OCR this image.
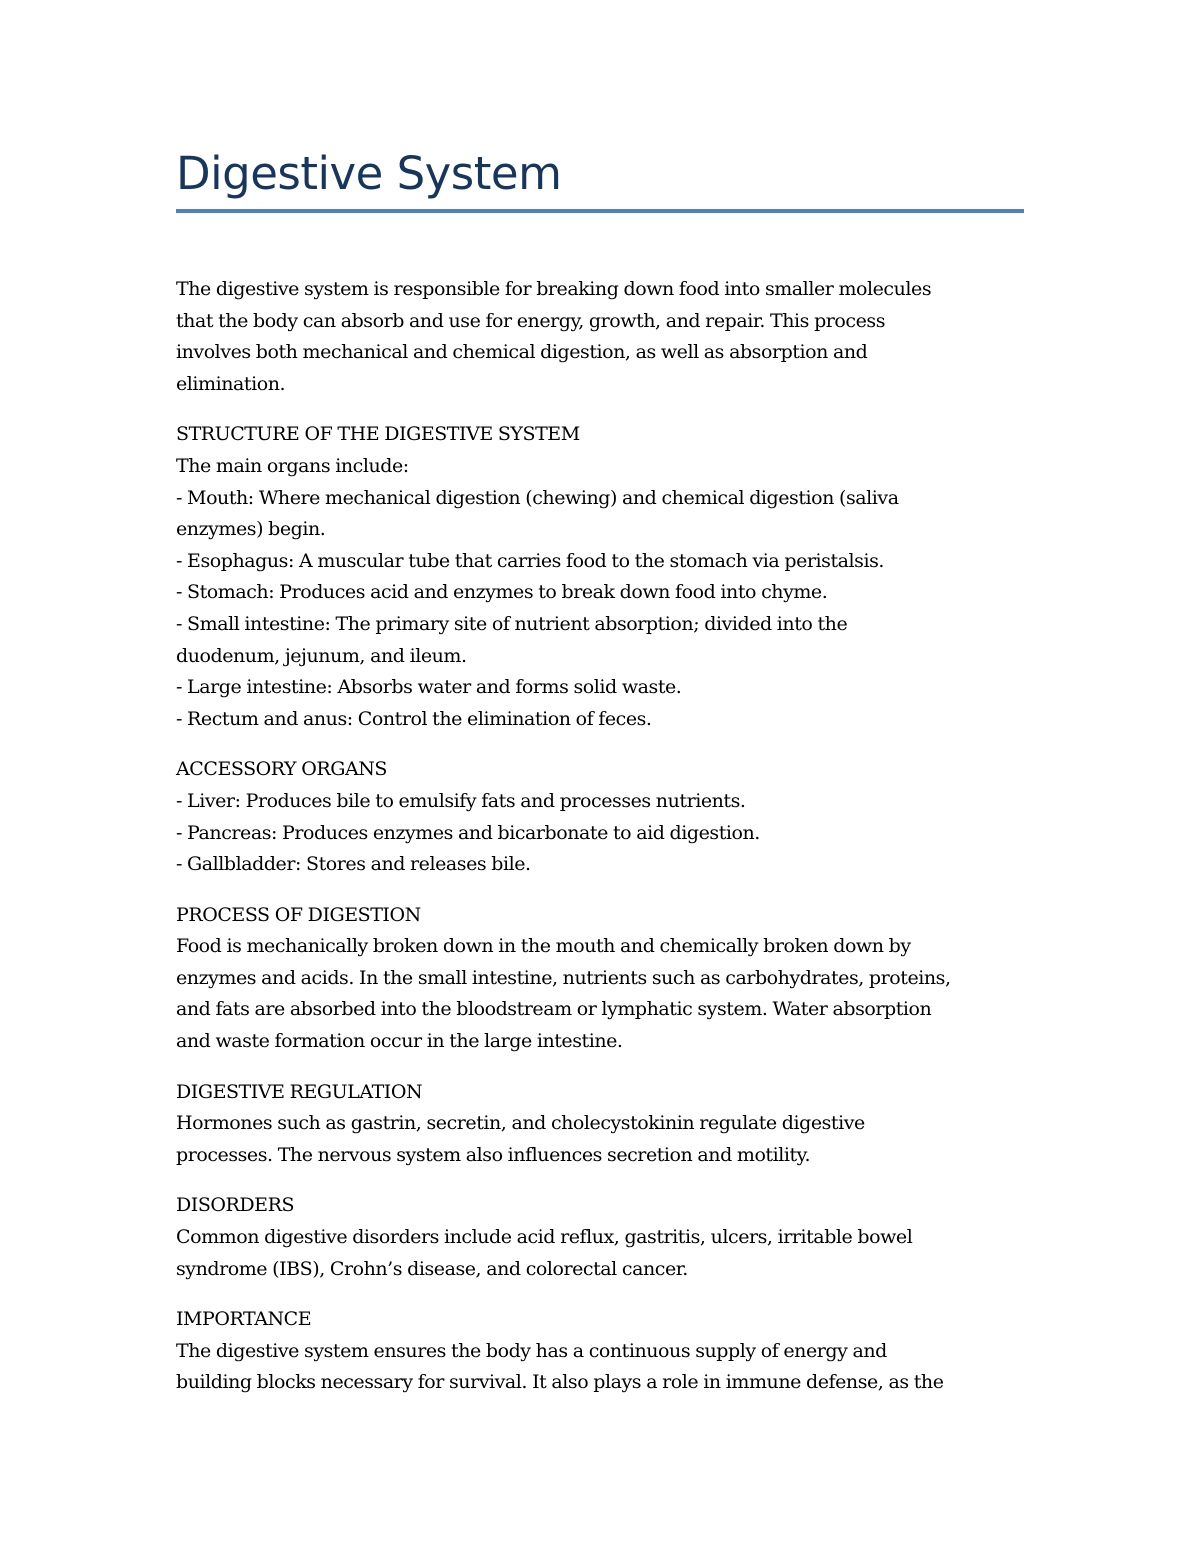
Digestive System

The digestive system is responsible for breaking down food into smaller molecules
that the body can absorb and use for energy, growth, and repair. This process
involves both mechanical and chemical digestion, as well as absorption and
elimination.

STRUCTURE OF THE DIGESTIVE SYSTEM
The main organs include:
- Mouth: Where mechanical digestion (chewing) and chemical digestion (saliva
enzymes) begin.
- Esophagus: A muscular tube that carries food to the stomach via peristalsis.
- Stomach: Produces acid and enzymes to break down food into chyme.
- Small intestine: The primary site of nutrient absorption; divided into the
duodenum, jejunum, and ileum.
- Large intestine: Absorbs water and forms solid waste.
- Rectum and anus: Control the elimination of feces.

ACCESSORY ORGANS
- Liver: Produces bile to emulsify fats and processes nutrients.
- Pancreas: Produces enzymes and bicarbonate to aid digestion.
- Gallbladder: Stores and releases bile.

PROCESS OF DIGESTION
Food is mechanically broken down in the mouth and chemically broken down by
enzymes and acids. In the small intestine, nutrients such as carbohydrates, proteins,
and fats are absorbed into the bloodstream or lymphatic system. Water absorption
and waste formation occur in the large intestine.

DIGESTIVE REGULATION
Hormones such as gastrin, secretin, and cholecystokinin regulate digestive
processes. The nervous system also influences secretion and motility.

DISORDERS
Common digestive disorders include acid reflux, gastritis, ulcers, irritable bowel
syndrome (IBS), Crohn’s disease, and colorectal cancer.

IMPORTANCE
The digestive system ensures the body has a continuous supply of energy and
building blocks necessary for survival. It also plays a role in immune defense, as the
